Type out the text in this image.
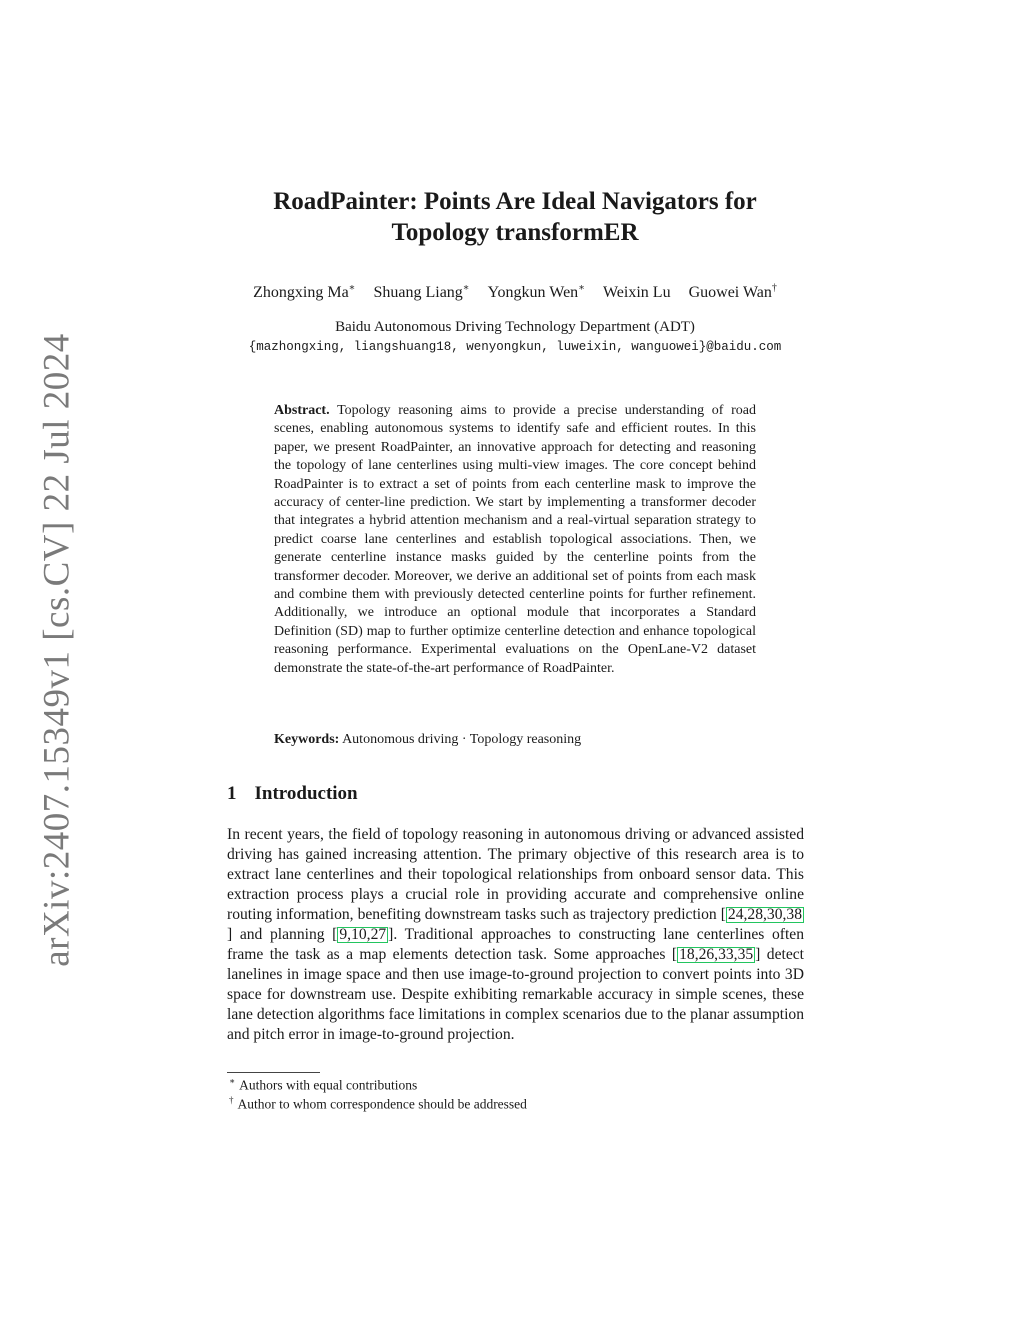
arXiv:2407.15349v1 [cs.CV] 22 Jul 2024
RoadPainter: Points Are Ideal Navigators for
Topology transformER
Zhongxing Ma∗ Shuang Liang∗ Yongkun Wen∗ Weixin Lu Guowei Wan†
Baidu Autonomous Driving Technology Department (ADT)
{mazhongxing, liangshuang18, wenyongkun, luweixin, wanguowei}@baidu.com

Abstract. Topology reasoning aims to provide a precise understanding of road scenes, enabling autonomous systems to identify safe and efficient routes. In this paper, we present RoadPainter, an innovative approach for detecting and reasoning the topology of lane centerlines using multi-view images. The core concept behind RoadPainter is to extract a set of points from each centerline mask to improve the accuracy of center-line prediction. We start by implementing a transformer decoder that integrates a hybrid attention mechanism and a real-virtual separation strategy to predict coarse lane centerlines and establish topological associations. Then, we generate centerline instance masks guided by the centerline points from the transformer decoder. Moreover, we derive an additional set of points from each mask and combine them with previously detected centerline points for further refinement. Additionally, we introduce an optional module that incorporates a Standard Definition (SD) map to further optimize centerline detection and enhance topological reasoning performance. Experimental evaluations on the OpenLane-V2 dataset demonstrate the state-of-the-art performance of RoadPainter.

Keywords: Autonomous driving · Topology reasoning
1 Introduction

In recent years, the field of topology reasoning in autonomous driving or advanced assisted driving has gained increasing attention. The primary objective of this research area is to extract lane centerlines and their topological relationships from onboard sensor data. This extraction process plays a crucial role in providing accurate and comprehensive online routing information, benefiting downstream tasks such as trajectory prediction [ 24,28,30,38] and planning [ 9,10,27 ]. Traditional approaches to constructing lane centerlines often frame the task as a map elements detection task. Some approaches [ 18,26,33,35 ] detect lanelines in image space and then use image-to-ground projection to convert points into 3D space for downstream use. Despite exhibiting remarkable accuracy in simple scenes, these lane detection algorithms face limitations in complex scenarios due to the planar assumption and pitch error in image-to-ground projection.

∗ Authors with equal contributions
† Author to whom correspondence should be addressed
